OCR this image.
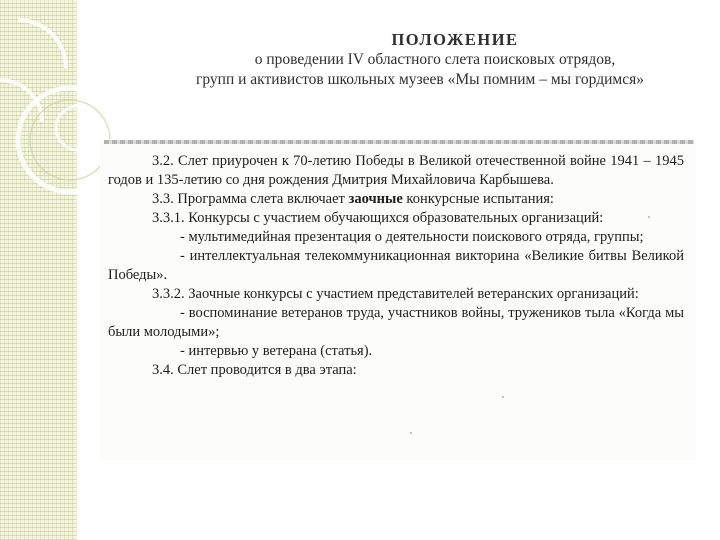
ПОЛОЖЕНИЕ
о проведении IV областного слета поисковых отрядов,
групп и активистов школьных музеев «Мы помним – мы гордимся»

3.2. Слет приурочен к 70-летию Победы в Великой отечественной войне 1941 – 1945 годов и 135-летию со дня рождения Дмитрия Михайловича Карбышева.

3.3. Программа слета включает заочные конкурсные испытания:

3.3.1. Конкурсы с участием обучающихся образовательных организаций:

- мультимедийная презентация о деятельности поискового отряда, группы;

- интеллектуальная телекоммуникационная викторина «Великие битвы Великой Победы».

3.3.2. Заочные конкурсы с участием представителей ветеранских организаций:

- воспоминание ветеранов труда, участников войны, тружеников тыла «Когда мы были молодыми»;

- интервью у ветерана (статья).

3.4. Слет проводится в два этапа:
